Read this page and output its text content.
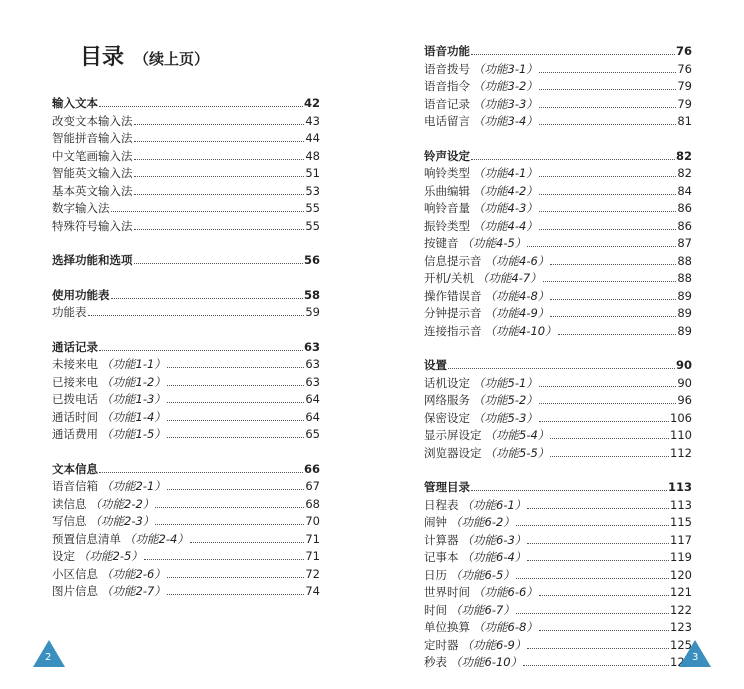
目录 （续上页）
输入文本	42
改变文本输入法	43
智能拼音输入法	44
中文笔画输入法	48
智能英文输入法	51
基本英文输入法	53
数字输入法	55
特殊符号输入法	55
选择功能和选项	56
使用功能表	58
功能表	59
通话记录	63
未接来电 （功能1-1）	63
已接来电 （功能1-2）	63
已拨电话 （功能1-3）	64
通话时间 （功能1-4）	64
通话费用 （功能1-5）	65
文本信息	66
语音信箱 （功能2-1）	67
读信息 （功能2-2）	68
写信息 （功能2-3）	70
预置信息清单 （功能2-4）	71
设定 （功能2-5）	71
小区信息 （功能2-6）	72
图片信息 （功能2-7）	74
语音功能	76
语音拨号 （功能3-1）	76
语音指令 （功能3-2）	79
语音记录 （功能3-3）	79
电话留言 （功能3-4）	81
铃声设定	82
响铃类型 （功能4-1）	82
乐曲编辑 （功能4-2）	84
响铃音量 （功能4-3）	86
振铃类型 （功能4-4）	86
按键音 （功能4-5）	87
信息提示音 （功能4-6）	88
开机/关机 （功能4-7）	88
操作错误音 （功能4-8）	89
分钟提示音 （功能4-9）	89
连接指示音 （功能4-10）	89
设置	90
话机设定 （功能5-1）	90
网络服务 （功能5-2）	96
保密设定 （功能5-3）	106
显示屏设定 （功能5-4）	110
浏览器设定 （功能5-5）	112
管理目录	113
日程表 （功能6-1）	113
闹钟 （功能6-2）	115
计算器 （功能6-3）	117
记事本 （功能6-4）	119
日历 （功能6-5）	120
世界时间 （功能6-6）	121
时间 （功能6-7）	122
单位换算 （功能6-8）	123
定时器 （功能6-9）	125
秒表 （功能6-10）	126
2	3
